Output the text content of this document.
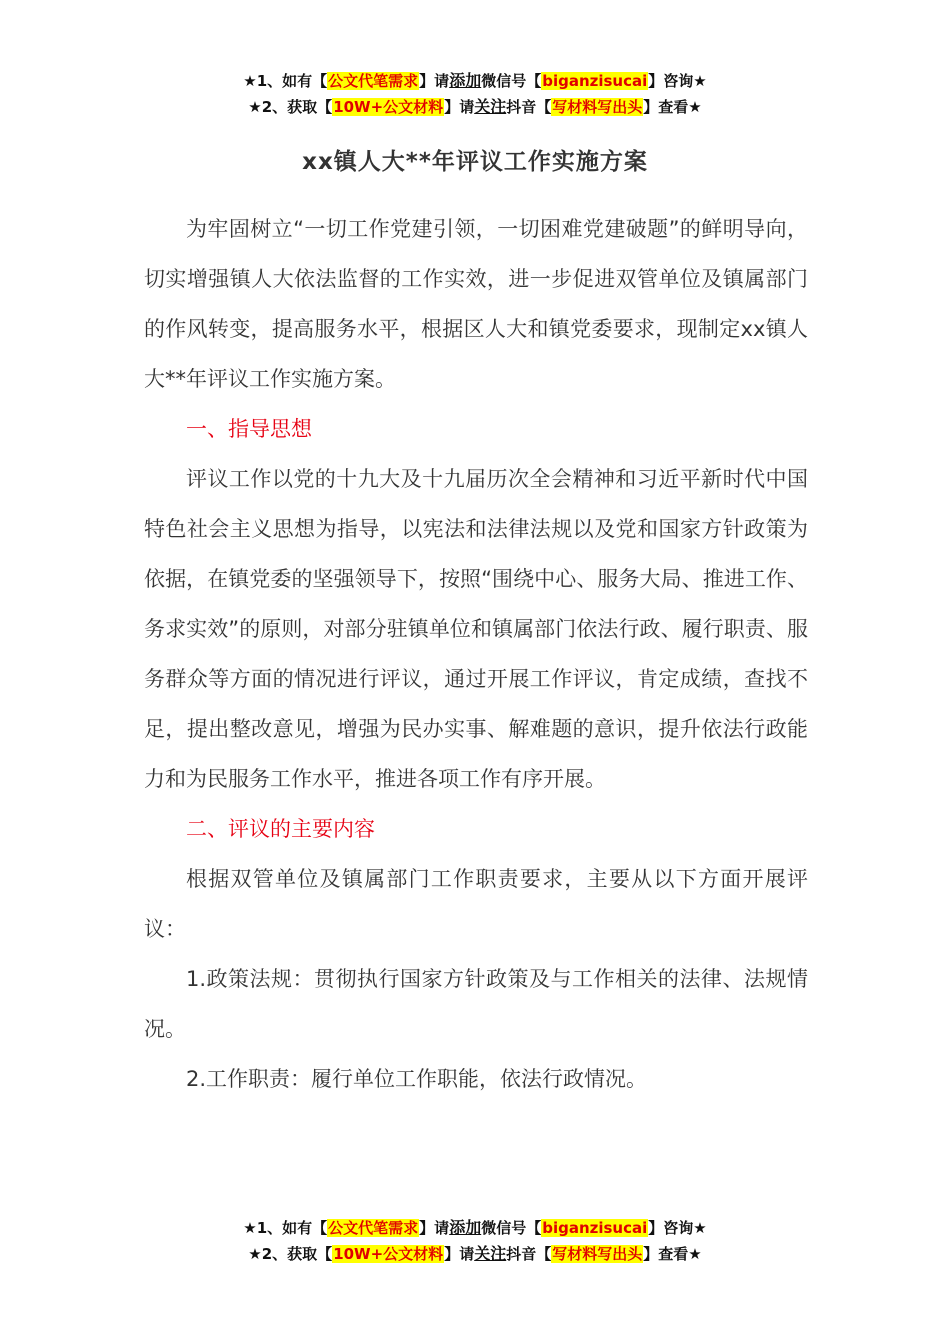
★1、如有【公文代笔需求】请添加微信号【biganzisucai】咨询★
★2、获取【10W+公文材料】请关注抖音【写材料写出头】查看★
xx镇人大**年评议工作实施方案

为牢固树立“一切工作党建引领，一切困难党建破题”的鲜明导向，切实增强镇人大依法监督的工作实效，进一步促进双管单位及镇属部门的作风转变，提高服务水平，根据区人大和镇党委要求，现制定xx镇人大**年评议工作实施方案。

一、指导思想

评议工作以党的十九大及十九届历次全会精神和习近平新时代中国特色社会主义思想为指导，以宪法和法律法规以及党和国家方针政策为依据，在镇党委的坚强领导下，按照“围绕中心、服务大局、推进工作、务求实效”的原则，对部分驻镇单位和镇属部门依法行政、履行职责、服务群众等方面的情况进行评议，通过开展工作评议，肯定成绩，查找不足，提出整改意见，增强为民办实事、解难题的意识，提升依法行政能力和为民服务工作水平，推进各项工作有序开展。

二、评议的主要内容

根据双管单位及镇属部门工作职责要求，主要从以下方面开展评议：

1.政策法规：贯彻执行国家方针政策及与工作相关的法律、法规情况。

2.工作职责：履行单位工作职能，依法行政情况。

★1、如有【公文代笔需求】请添加微信号【biganzisucai】咨询★
★2、获取【10W+公文材料】请关注抖音【写材料写出头】查看★
